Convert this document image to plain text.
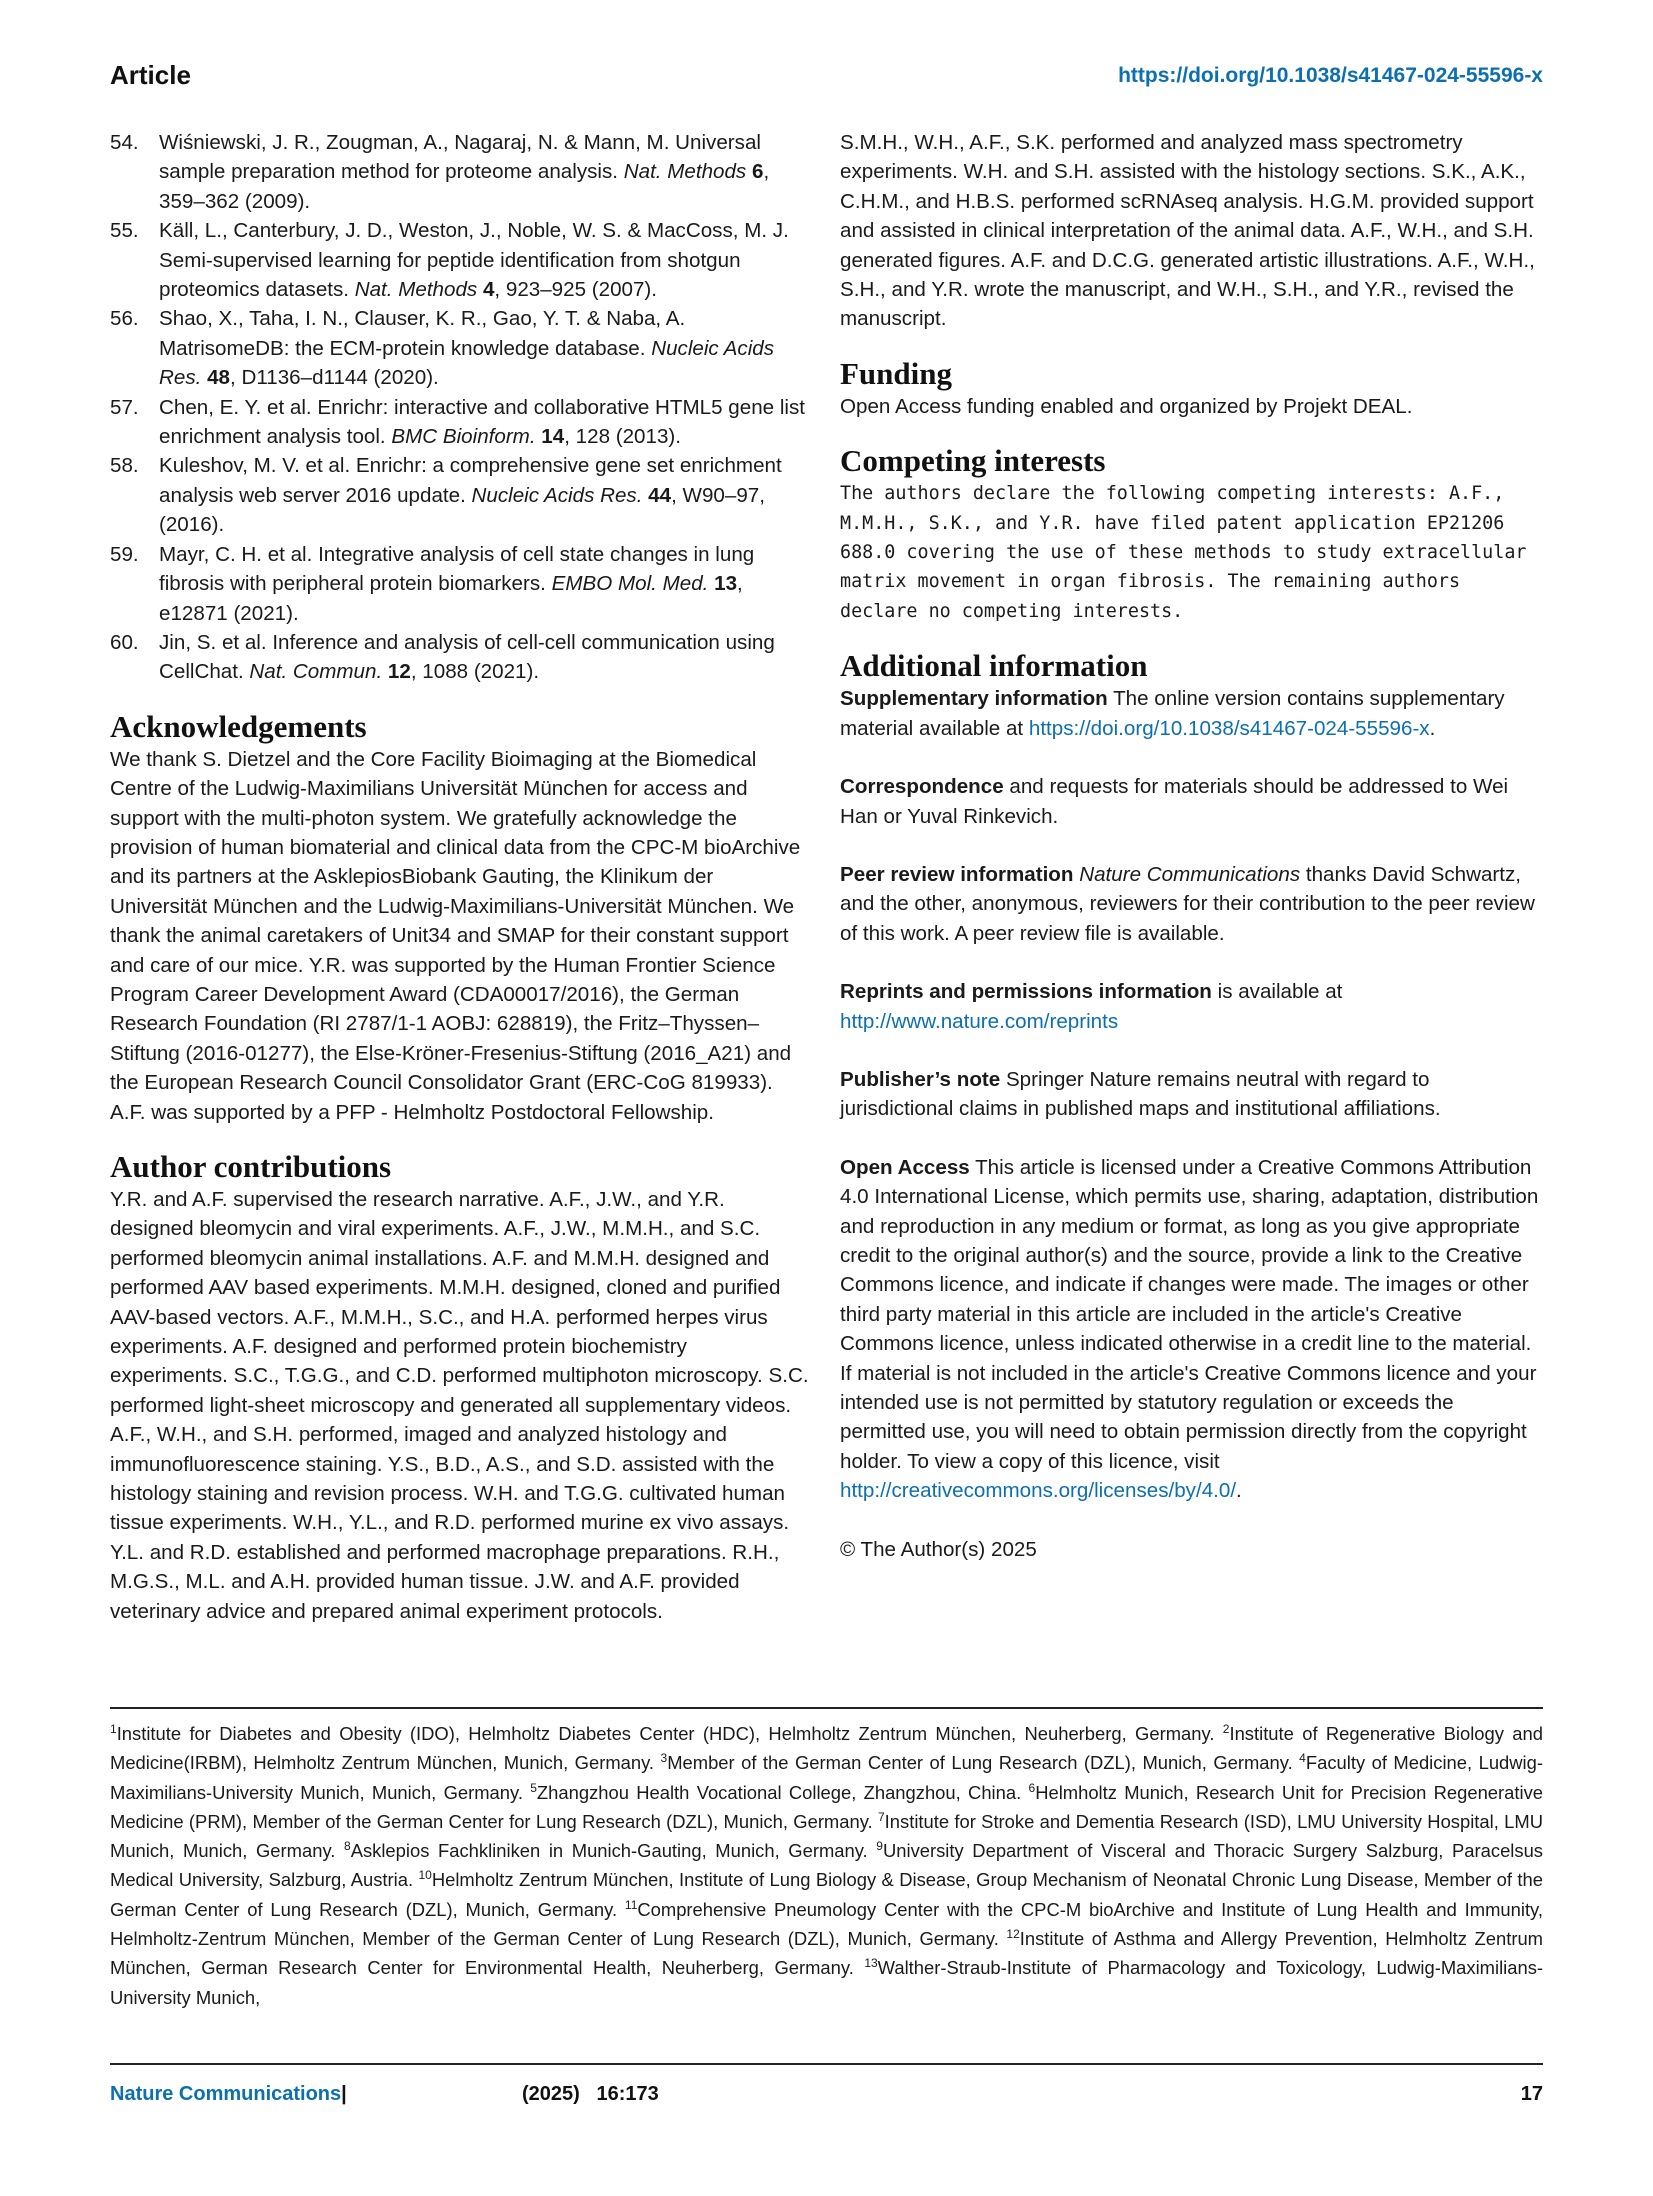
Article	https://doi.org/10.1038/s41467-024-55596-x
54. Wiśniewski, J. R., Zougman, A., Nagaraj, N. & Mann, M. Universal sample preparation method for proteome analysis. Nat. Methods 6, 359–362 (2009).
55. Käll, L., Canterbury, J. D., Weston, J., Noble, W. S. & MacCoss, M. J. Semi-supervised learning for peptide identification from shotgun proteomics datasets. Nat. Methods 4, 923–925 (2007).
56. Shao, X., Taha, I. N., Clauser, K. R., Gao, Y. T. & Naba, A. MatrisomeDB: the ECM-protein knowledge database. Nucleic Acids Res. 48, D1136–d1144 (2020).
57. Chen, E. Y. et al. Enrichr: interactive and collaborative HTML5 gene list enrichment analysis tool. BMC Bioinform. 14, 128 (2013).
58. Kuleshov, M. V. et al. Enrichr: a comprehensive gene set enrichment analysis web server 2016 update. Nucleic Acids Res. 44, W90–97, (2016).
59. Mayr, C. H. et al. Integrative analysis of cell state changes in lung fibrosis with peripheral protein biomarkers. EMBO Mol. Med. 13, e12871 (2021).
60. Jin, S. et al. Inference and analysis of cell-cell communication using CellChat. Nat. Commun. 12, 1088 (2021).
Acknowledgements

We thank S. Dietzel and the Core Facility Bioimaging at the Biomedical Centre of the Ludwig-Maximilians Universität München for access and support with the multi-photon system. We gratefully acknowledge the provision of human biomaterial and clinical data from the CPC-M bioArchive and its partners at the AsklepiosBiobank Gauting, the Klinikum der Universität München and the Ludwig-Maximilians-Universität München. We thank the animal caretakers of Unit34 and SMAP for their constant support and care of our mice. Y.R. was supported by the Human Frontier Science Program Career Development Award (CDA00017/2016), the German Research Foundation (RI 2787/1-1 AOBJ: 628819), the Fritz–Thyssen–Stiftung (2016-01277), the Else-Kröner-Fresenius-Stiftung (2016_A21) and the European Research Council Consolidator Grant (ERC-CoG 819933). A.F. was supported by a PFP - Helmholtz Postdoctoral Fellowship.

Author contributions

Y.R. and A.F. supervised the research narrative. A.F., J.W., and Y.R. designed bleomycin and viral experiments. A.F., J.W., M.M.H., and S.C. performed bleomycin animal installations. A.F. and M.M.H. designed and performed AAV based experiments. M.M.H. designed, cloned and purified AAV-based vectors. A.F., M.M.H., S.C., and H.A. performed herpes virus experiments. A.F. designed and performed protein biochemistry experiments. S.C., T.G.G., and C.D. performed multiphoton microscopy. S.C. performed light-sheet microscopy and generated all supplementary videos. A.F., W.H., and S.H. performed, imaged and analyzed histology and immunofluorescence staining. Y.S., B.D., A.S., and S.D. assisted with the histology staining and revision process. W.H. and T.G.G. cultivated human tissue experiments. W.H., Y.L., and R.D. performed murine ex vivo assays. Y.L. and R.D. established and performed macrophage preparations. R.H., M.G.S., M.L. and A.H. provided human tissue. J.W. and A.F. provided veterinary advice and prepared animal experiment protocols.

S.M.H., W.H., A.F., S.K. performed and analyzed mass spectrometry experiments. W.H. and S.H. assisted with the histology sections. S.K., A.K., C.H.M., and H.B.S. performed scRNAseq analysis. H.G.M. provided support and assisted in clinical interpretation of the animal data. A.F., W.H., and S.H. generated figures. A.F. and D.C.G. generated artistic illustrations. A.F., W.H., S.H., and Y.R. wrote the manuscript, and W.H., S.H., and Y.R., revised the manuscript.

Funding

Open Access funding enabled and organized by Projekt DEAL.

Competing interests

The authors declare the following competing interests: A.F., M.M.H., S.K., and Y.R. have filed patent application EP21206 688.0 covering the use of these methods to study extracellular matrix movement in organ fibrosis. The remaining authors declare no competing interests.

Additional information

Supplementary information The online version contains supplementary material available at https://doi.org/10.1038/s41467-024-55596-x.

Correspondence and requests for materials should be addressed to Wei Han or Yuval Rinkevich.

Peer review information Nature Communications thanks David Schwartz, and the other, anonymous, reviewers for their contribution to the peer review of this work. A peer review file is available.

Reprints and permissions information is available at
http://www.nature.com/reprints

Publisher’s note Springer Nature remains neutral with regard to jurisdictional claims in published maps and institutional affiliations.

Open Access This article is licensed under a Creative Commons Attribution 4.0 International License, which permits use, sharing, adaptation, distribution and reproduction in any medium or format, as long as you give appropriate credit to the original author(s) and the source, provide a link to the Creative Commons licence, and indicate if changes were made. The images or other third party material in this article are included in the article's Creative Commons licence, unless indicated otherwise in a credit line to the material. If material is not included in the article's Creative Commons licence and your intended use is not permitted by statutory regulation or exceeds the permitted use, you will need to obtain permission directly from the copyright holder. To view a copy of this licence, visit http://creativecommons.org/licenses/by/4.0/.

© The Author(s) 2025

$^1$Institute for Diabetes and Obesity (IDO), Helmholtz Diabetes Center (HDC), Helmholtz Zentrum München, Neuherberg, Germany. $^2$Institute of Regenerative Biology and Medicine(IRBM), Helmholtz Zentrum München, Munich, Germany. $^3$Member of the German Center of Lung Research (DZL), Munich, Germany. $^4$Faculty of Medicine, Ludwig-Maximilians-University Munich, Munich, Germany. $^5$Zhangzhou Health Vocational College, Zhangzhou, China. $^6$Helmholtz Munich, Research Unit for Precision Regenerative Medicine (PRM), Member of the German Center for Lung Research (DZL), Munich, Germany. $^7$Institute for Stroke and Dementia Research (ISD), LMU University Hospital, LMU Munich, Munich, Germany. $^8$Asklepios Fachkliniken in Munich-Gauting, Munich, Germany. $^9$University Department of Visceral and Thoracic Surgery Salzburg, Paracelsus Medical University, Salzburg, Austria. $^{10}$Helmholtz Zentrum München, Institute of Lung Biology & Disease, Group Mechanism of Neonatal Chronic Lung Disease, Member of the German Center of Lung Research (DZL), Munich, Germany. $^{11}$Comprehensive Pneumology Center with the CPC-M bioArchive and Institute of Lung Health and Immunity, Helmholtz-Zentrum München, Member of the German Center of Lung Research (DZL), Munich, Germany. $^{12}$Institute of Asthma and Allergy Prevention, Helmholtz Zentrum München, German Research Center for Environmental Health, Neuherberg, Germany. $^{13}$Walther-Straub-Institute of Pharmacology and Toxicology, Ludwig-Maximilians-University Munich,
Nature Communications|	(2025)   16:173	17
